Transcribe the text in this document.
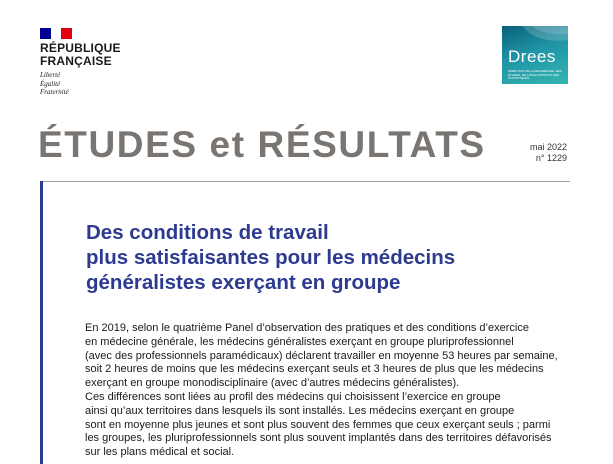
RÉPUBLIQUE
FRANÇAISE
Liberté
Égalité
Fraternité
Drees
DIRECTION DE LA RECHERCHE, DES ÉTUDES, DE L'ÉVALUATION ET DES STATISTIQUES
ÉTUDES et RÉSULTATS	mai 2022
n° 1229
Des conditions de travail
plus satisfaisantes pour les médecins
généralistes exerçant en groupe
En 2019, selon le quatrième Panel d’observation des pratiques et des conditions d’exercice
en médecine générale, les médecins généralistes exerçant en groupe pluriprofessionnel
(avec des professionnels paramédicaux) déclarent travailler en moyenne 53 heures par semaine,
soit 2 heures de moins que les médecins exerçant seuls et 3 heures de plus que les médecins
exerçant en groupe monodisciplinaire (avec d’autres médecins généralistes).
Ces différences sont liées au profil des médecins qui choisissent l’exercice en groupe
ainsi qu’aux territoires dans lesquels ils sont installés. Les médecins exerçant en groupe
sont en moyenne plus jeunes et sont plus souvent des femmes que ceux exerçant seuls ; parmi
les groupes, les pluriprofessionnels sont plus souvent implantés dans des territoires défavorisés
sur les plans médical et social.
